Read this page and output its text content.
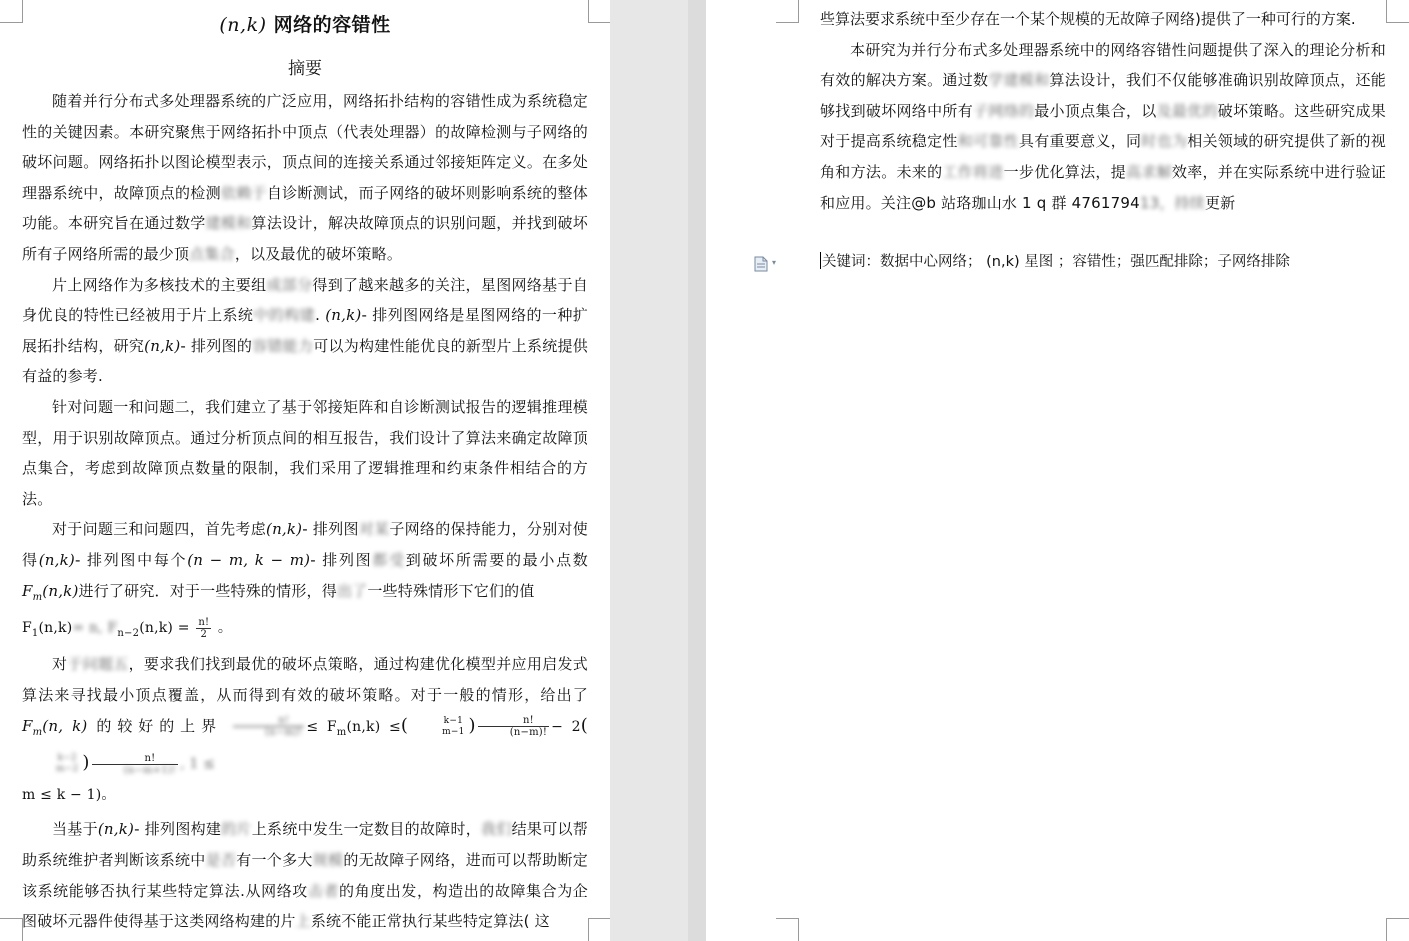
(n,k) 网络的容错性
摘要

随着并行分布式多处理器系统的广泛应用，网络拓扑结构的容错性成为系统稳定性的关键因素。本研究聚焦于网络拓扑中顶点（代表处理器）的故障检测与子网络的破坏问题。网络拓扑以图论模型表示，顶点间的连接关系通过邻接矩阵定义。在多处理器系统中，故障顶点的检测依赖于自诊断测试，而子网络的破坏则影响系统的整体功能。本研究旨在通过数学建模和算法设计，解决故障顶点的识别问题，并找到破坏所有子网络所需的最少顶点集合，以及最优的破坏策略。

片上网络作为多核技术的主要组成部分得到了越来越多的关注，星图网络基于自身优良的特性已经被用于片上系统中的构建. (n,k)- 排列图网络是星图网络的一种扩展拓扑结构，研究(n,k)- 排列图的容错能力可以为构建性能优良的新型片上系统提供有益的参考.

针对问题一和问题二，我们建立了基于邻接矩阵和自诊断测试报告的逻辑推理模型，用于识别故障顶点。通过分析顶点间的相互报告，我们设计了算法来确定故障顶点集合，考虑到故障顶点数量的限制，我们采用了逻辑推理和约束条件相结合的方法。

对于问题三和问题四，首先考虑(n,k)- 排列图对某子网络的保持能力，分别对使得(n,k)- 排列图中每个(n − m, k − m)- 排列图都受到破坏所需要的最小点数 $F_m(n,k)$进行了研究．对于一些特殊的情形，得出了一些特殊情形下它们的值

$F_1(n,k)= n$, $F_{n-2}(n,k) = \frac{n!}{2}$ 。

对于问题五，要求我们找到最优的破坏点策略，通过构建优化模型并应用启发式算法来寻找最小顶点覆盖，从而得到有效的破坏策略。对于一般的情形，给出了 $F_m(n$, k) 的较好的上界 $\frac{n!}{(n-m)!} \le F_m(n,k)$ ≤(	k−1
m−1 ) $\frac{n!}{(n-m)!} - 2$(
k−2
m−2 ) $\frac{n!}{(n-m+1)!}$ , 1 ≤

m ≤ k − 1)。

当基于(n,k)- 排列图构建的片上系统中发生一定数目的故障时，我们结果可以帮助系统维护者判断该系统中是否有一个多大规模的无故障子网络，进而可以帮助断定该系统能够否执行某些特定算法.从网络攻击者的角度出发，构造出的故障集合为企图破坏元器件使得基于这类网络构建的片上系统不能正常执行某些特定算法( 这

些算法要求系统中至少存在一个某个规模的无故障子网络)提供了一种可行的方案.

本研究为并行分布式多处理器系统中的网络容错性问题提供了深入的理论分析和有效的解决方案。通过数学建模和算法设计，我们不仅能够准确识别故障顶点，还能够找到破坏网络中所有子网络的最小顶点集合，以及最优的破坏策略。这些研究成果对于提高系统稳定性和可靠性具有重要意义，同时也为相关领域的研究提供了新的视角和方法。未来的工作将进一步优化算法，提高求解效率，并在实际系统中进行验证和应用。关注@b 站珞珈山水 1 q 群 476179413，持续更新

▾	关键词：数据中心网络； (n,k) 星图 ；容错性；强匹配排除；子网络排除
